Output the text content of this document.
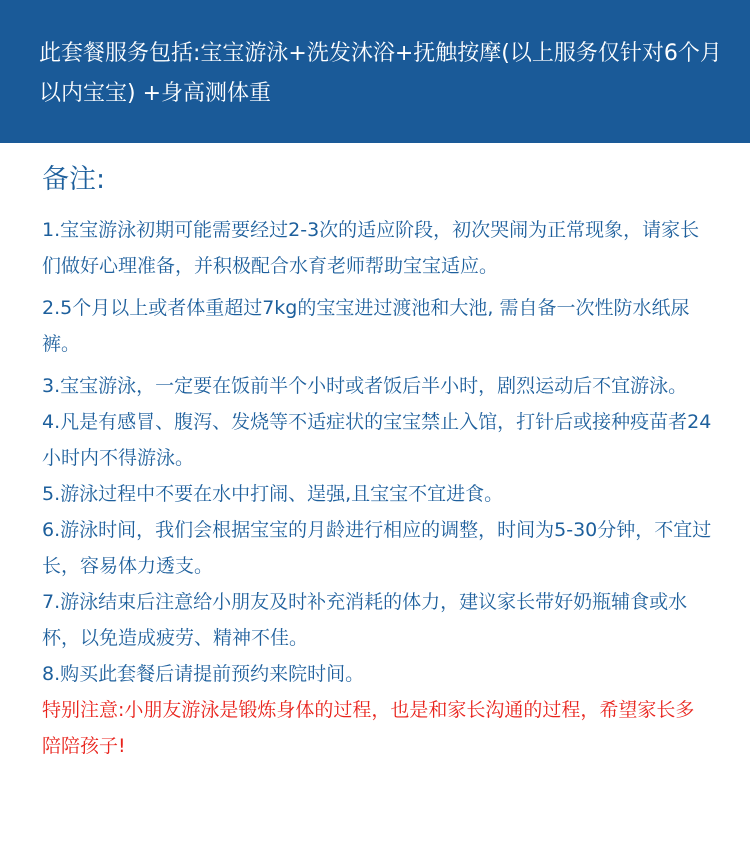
此套餐服务包括:宝宝游泳+洗发沐浴+抚触按摩(以上服务仅针对6个月以内宝宝) +身高测体重

备注:

1.宝宝游泳初期可能需要经过2-3次的适应阶段，初次哭闹为正常现象，请家长们做好心理准备，并积极配合水育老师帮助宝宝适应。

2.5个月以上或者体重超过7kg的宝宝进过渡池和大池, 需自备一次性防水纸尿裤。

3.宝宝游泳，一定要在饭前半个小时或者饭后半小时，剧烈运动后不宜游泳。

4.凡是有感冒、腹泻、发烧等不适症状的宝宝禁止入馆，打针后或接种疫苗者24小时内不得游泳。

5.游泳过程中不要在水中打闹、逞强,且宝宝不宜进食。

6.游泳时间，我们会根据宝宝的月龄进行相应的调整，时间为5-30分钟，不宜过长，容易体力透支。

7.游泳结束后注意给小朋友及时补充消耗的体力，建议家长带好奶瓶辅食或水杯，以免造成疲劳、精神不佳。

8.购买此套餐后请提前预约来院时间。

特别注意:小朋友游泳是锻炼身体的过程，也是和家长沟通的过程，希望家长多陪陪孩子!
